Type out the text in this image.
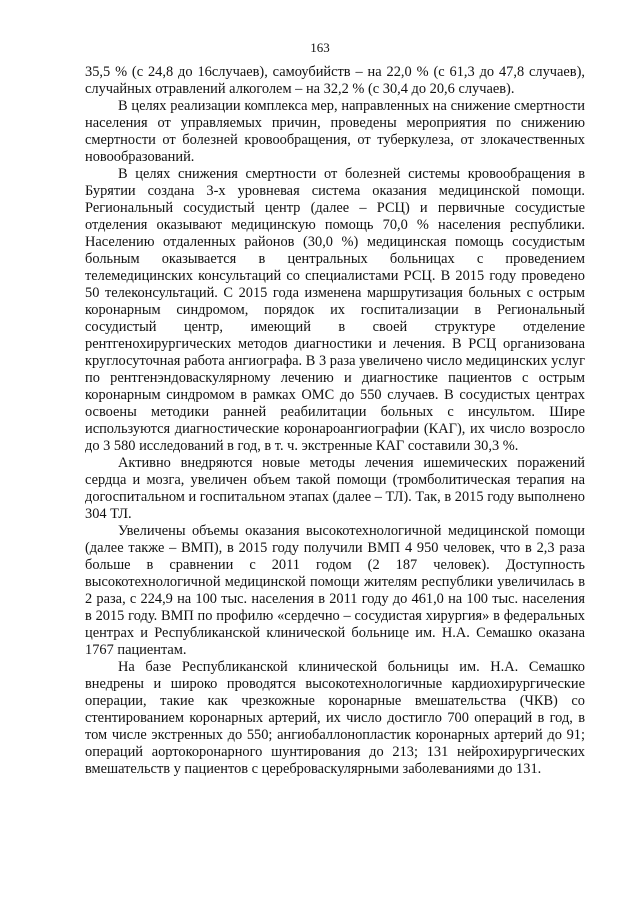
163

35,5 % (с 24,8 до 16случаев), самоубийств – на 22,0 % (с 61,3 до 47,8 случаев), случайных отравлений алкоголем – на 32,2 % (с 30,4 до 20,6 случаев).

В целях реализации комплекса мер, направленных на снижение смертности населения от управляемых причин, проведены мероприятия по снижению смертности от болезней кровообращения, от туберкулеза, от злокачественных новообразований.

В целях снижения смертности от болезней системы кровообращения в Бурятии создана 3-х уровневая система оказания медицинской помощи. Региональный сосудистый центр (далее – РСЦ) и первичные сосудистые отделения оказывают медицинскую помощь 70,0 % населения республики. Населению отдаленных районов (30,0 %) медицинская помощь сосудистым больным оказывается в центральных больницах с проведением телемедицинских консультаций со специалистами РСЦ. В 2015 году проведено 50 телеконсультаций. С 2015 года изменена маршрутизация больных с острым коронарным синдромом, порядок их госпитализации в Региональный сосудистый центр, имеющий в своей структуре отделение рентгенохирургических методов диагностики и лечения. В РСЦ организована круглосуточная работа ангиографа. В 3 раза увеличено число медицинских услуг по рентгенэндоваскулярному лечению и диагностике пациентов с острым коронарным синдромом в рамках ОМС до 550 случаев. В сосудистых центрах освоены методики ранней реабилитации больных с инсультом. Шире используются диагностические коронароангиографии (КАГ), их число возросло до 3 580 исследований в год, в т. ч. экстренные КАГ составили 30,3 %.

Активно внедряются новые методы лечения ишемических поражений сердца и мозга, увеличен объем такой помощи (тромболитическая терапия на догоспитальном и госпитальном этапах (далее – ТЛ). Так, в 2015 году выполнено 304 ТЛ.

Увеличены объемы оказания высокотехнологичной медицинской помощи (далее также – ВМП), в 2015 году получили ВМП 4 950 человек, что в 2,3 раза больше в сравнении с 2011 годом (2 187 человек). Доступность высокотехнологичной медицинской помощи жителям республики увеличилась в 2 раза, с 224,9 на 100 тыс. населения в 2011 году до 461,0 на 100 тыс. населения в 2015 году. ВМП по профилю «сердечно – сосудистая хирургия» в федеральных центрах и Республиканской клинической больнице им. Н.А. Семашко оказана 1767 пациентам.

На базе Республиканской клинической больницы им. Н.А. Семашко внедрены и широко проводятся высокотехнологичные кардиохирургические операции, такие как чрезкожные коронарные вмешательства (ЧКВ) со стентированием коронарных артерий, их число достигло 700 операций в год, в том числе экстренных до 550; ангиобаллонопластик коронарных артерий до 91; операций аортокоронарного шунтирования до 213; 131 нейрохирургических вмешательств у пациентов с цереброваскулярными заболеваниями до 131.
